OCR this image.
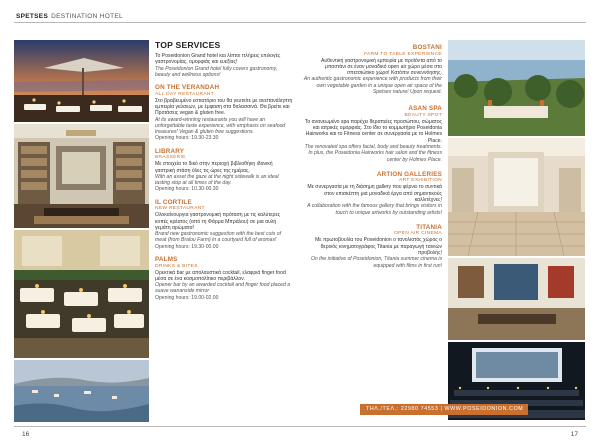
SPETSES DESTINATION HOTEL
TOP SERVICES
Το Poseidonion Grand hotel και λίπτοι πλήρεις επιλογές γαστρονομίας, ομορφιάς και ευεξίας!
The Poseidonion Grand hotel fully covers gastronomy, beauty and wellness options!
ON THE VERANDAH
ALL DAY RESTAURANT
Στο βραβευμένο εστιατόριο του θα γευτείτε με ανεπανάληπτη εμπειρία γεύσεων, με έμφαση στα θαλασσινά. Θα βρείτε και Προτάσεις vegan & gluten free.
At its award-winning restaurants you will have an unforgettable taste experience, with emphasis on seafood treasures! Vegan & gluten free suggestions.
Opening hours: 19.30-23.30
LIBRARY
BRASSERIE
Με στοιχεία το δικό στην περιοχή βιβλιοθήκη ιδανική γαστρική στάση όλες τις ώρες της ημέρας.
With an asset the gaze at the night sidewalk is an ideal tasting stop at all times of the day.
Opening hours: 10.30-00.30
IL CORTILE
NEW RESTAURANT
Ολοκαίνουργια γαστρονομική πρόταση με τις καλύτερες κοπές κρέατος (από τη Φάρμα Μπράλου) σε μια αυλή γεμάτη αρώματα!
Brand new gastronomic suggestion with the best cuts of meat (from Bralou Farm) in a courtyard full of aromas!
Opening hours: 19.30-00.00
PALMS
DRINKS & BITES
Ορεκτικά bar με απολαυστικά cocktail, ελαφριά finger food μέσα σε ένα κοσμοπολίτικο περιβάλλον.
Opener bar by an awarded cocktail and finger food placed a suave wananside mirror
Opening hours: 19.00-02.00
BOSTANI
FARM TO TABLE EXPERIENCE
Αυθεντική γαστρονομική εμπειρία με προϊόντα από το μποστάνι σε έναν μοναδικό open air χώρο μέσα στο σπετσιώτικο χώρο! Κατόπιν συνεννόησης.
An authentic gastronomic experience with products from their own vegetable garden in a unique open air space of the Spetses nature! Upon request.
ASAN SPA
BEAUTY SPOT
Το ανανεωμένο spa παρέχει θεραπείες προσώπου, σώματος και ιατρικές ομορφιάς. Στο ίδιο το κομμωτήριο Poseidonia Hairworks και το Fitness center σε συνεργασία με το Holmes Place.
The renovated spa offers facial, body and beauty treatments. In plus, the Poseidonia Hairworks hair salon and the fitness center by Holmes Place.
ARTION GALLERIES
ART EXHIBITION
Με συνεργασία με τη διάσημη gallery που φέρνει το συντικά στον επισκέπτη μια μοναδικά έργα από σημαντικούς καλλιτέχνες!
A collaboration with the famous gallery that brings visitors in touch to unique artworks by outstanding artists!
TITANIA
OPEN AIR CINEMA
Με πρωτοβουλία του Poseidonion ο τανολιστός χώρος ο θερινός κινηματογράφος Titania με παραγωγή ταινιών προβολής!
On the initiative of Poseidonion, Titania summer cinema is equipped with films in first run!
ΤΗΛ./ΤΕΛ.: 22980 74553 | WWW.POSEIDONION.COM
16	17
